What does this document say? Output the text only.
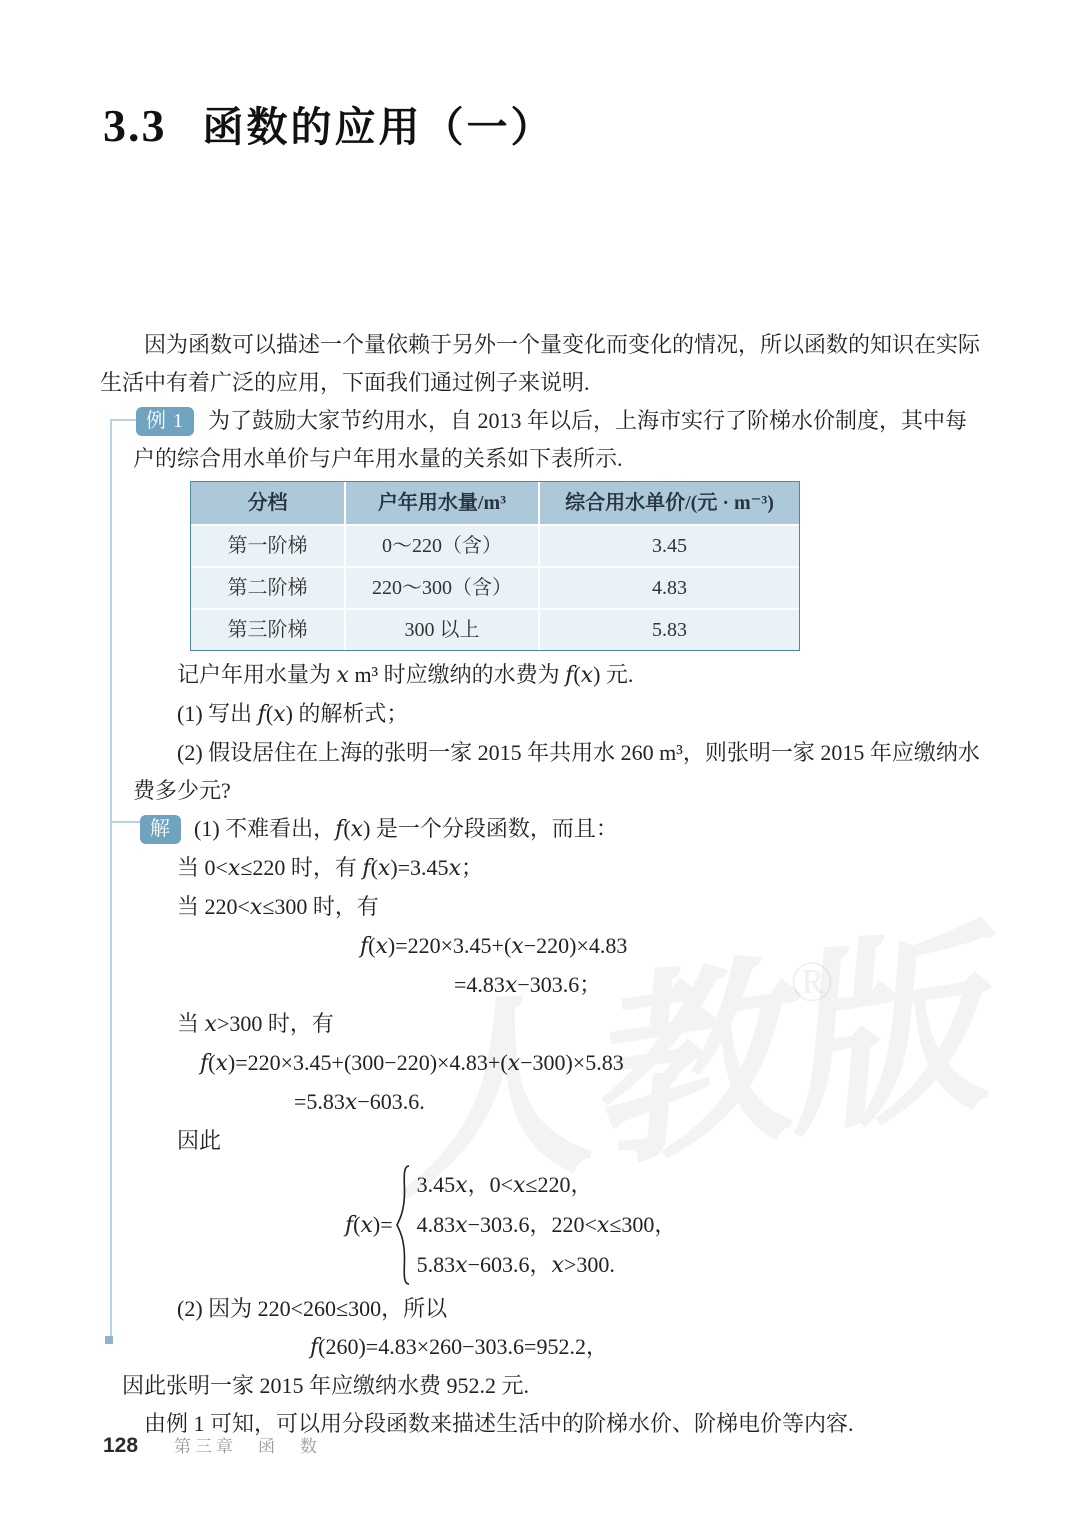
®
3.3 函数的应用（一）

因为函数可以描述一个量依赖于另外一个量变化而变化的情况，所以函数的知识在实际生活中有着广泛的应用，下面我们通过例子来说明.

例 1 为了鼓励大家节约用水，自 2013 年以后，上海市实行了阶梯水价制度，其中每户的综合用水单价与户年用水量的关系如下表所示.

分档	户年用水量/m³	综合用水单价/(元 · m⁻³)
第一阶梯	0～220（含）	3.45
第二阶梯	220～300（含）	4.83
第三阶梯	300 以上	5.83

记户年用水量为 x m³ 时应缴纳的水费为 f(x) 元.

(1) 写出 f(x) 的解析式；

(2) 假设居住在上海的张明一家 2015 年共用水 260 m³，则张明一家 2015 年应缴纳水费多少元?

解 (1) 不难看出，f(x) 是一个分段函数，而且：

当 0<x≤220 时，有 f(x)=3.45x；

当 220<x≤300 时，有

f(x)=220×3.45+(x−220)×4.83

=4.83x−303.6；

当 x>300 时，有

f(x)=220×3.45+(300−220)×4.83+(x−300)×5.83

=5.83x−603.6.

因此

f(x)=
3.45x，0<x≤220，
4.83x−303.6，220<x≤300，
5.83x−603.6，x>300.

(2) 因为 220<260≤300，所以

f(260)=4.83×260−303.6=952.2，

因此张明一家 2015 年应缴纳水费 952.2 元.

由例 1 可知，可以用分段函数来描述生活中的阶梯水价、阶梯电价等内容.

128 第三章　函　数
